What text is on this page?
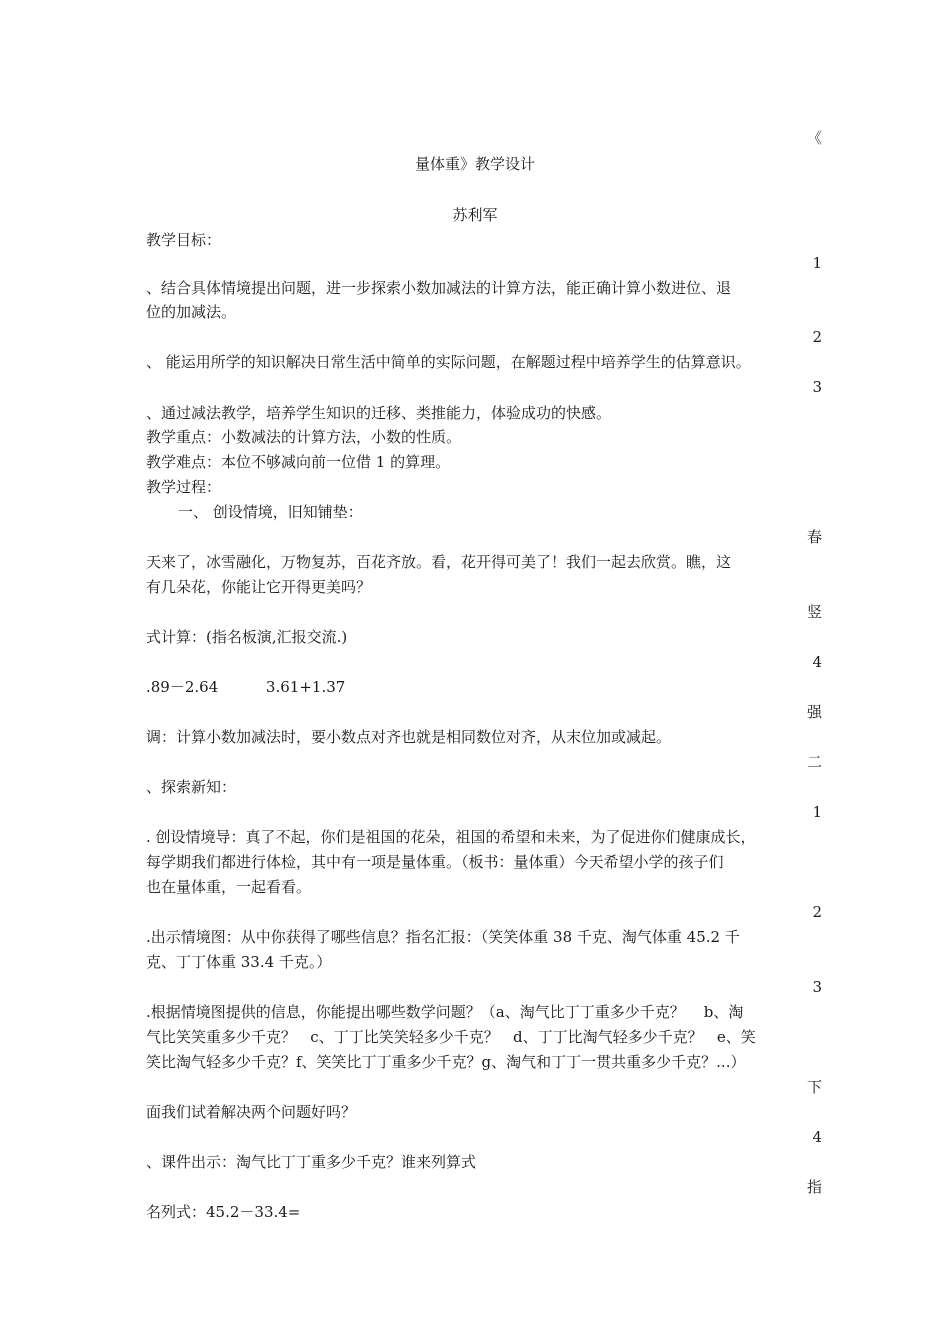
《
量体重》教学设计
苏利军
教学目标：
1
、结合具体情境提出问题，进一步探索小数加减法的计算方法，能正确计算小数进位、退
位的加减法。
2
、 能运用所学的知识解决日常生活中简单的实际问题，在解题过程中培养学生的估算意识。
3
、通过减法教学，培养学生知识的迁移、类推能力，体验成功的快感。
教学重点：小数减法的计算方法，小数的性质。
教学难点：本位不够减向前一位借 1 的算理。
教学过程：
一、 创设情境，旧知铺垫：
春
天来了，冰雪融化，万物复苏，百花齐放。看，花开得可美了！我们一起去欣赏。瞧，这
有几朵花，你能让它开得更美吗？
竖
式计算：(指名板演,汇报交流.)
4
.89－2.64          3.61+1.37
强
调：计算小数加减法时，要小数点对齐也就是相同数位对齐，从末位加或减起。
二
、探索新知：
1
. 创设情境导：真了不起，你们是祖国的花朵，祖国的希望和未来，为了促进你们健康成长，
每学期我们都进行体检，其中有一项是量体重。（板书：量体重）今天希望小学的孩子们
也在量体重，一起看看。
2
.出示情境图：从中你获得了哪些信息？指名汇报：（笑笑体重 38 千克、淘气体重 45.2 千
克、丁丁体重 33.4 千克。）
3
.根据情境图提供的信息，你能提出哪些数学问题？（a、淘气比丁丁重多少千克？    b、淘
气比笑笑重多少千克？   c、丁丁比笑笑轻多少千克？   d、丁丁比淘气轻多少千克？   e、笑
笑比淘气轻多少千克？f、笑笑比丁丁重多少千克？g、淘气和丁丁一贯共重多少千克？...）
下
面我们试着解决两个问题好吗？
4
、课件出示：淘气比丁丁重多少千克？谁来列算式
指
名列式：45.2－33.4=
